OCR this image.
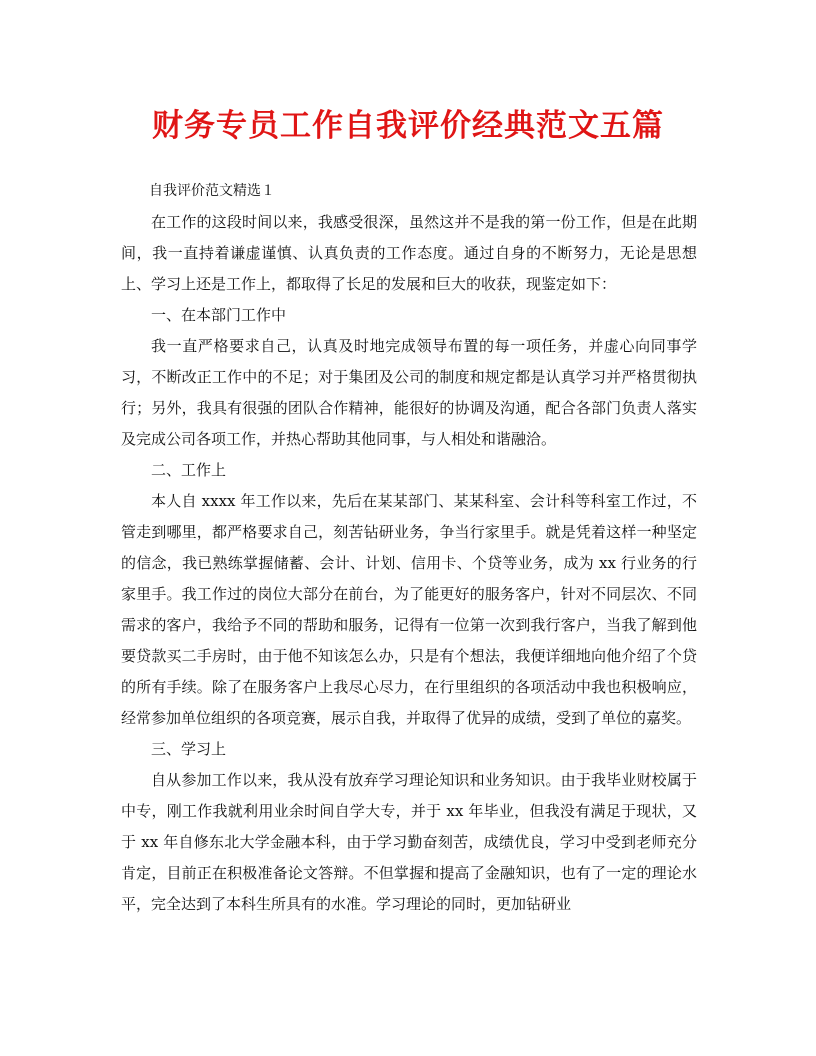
财务专员工作自我评价经典范文五篇

自我评价范文精选１

在工作的这段时间以来，我感受很深，虽然这并不是我的第一份工作，但是在此期间，我一直持着谦虚谨慎、认真负责的工作态度。通过自身的不断努力，无论是思想上、学习上还是工作上，都取得了长足的发展和巨大的收获，现鉴定如下：

一、在本部门工作中

我一直严格要求自己，认真及时地完成领导布置的每一项任务，并虚心向同事学习，不断改正工作中的不足；对于集团及公司的制度和规定都是认真学习并严格贯彻执行；另外，我具有很强的团队合作精神，能很好的协调及沟通，配合各部门负责人落实及完成公司各项工作，并热心帮助其他同事，与人相处和谐融洽。

二、工作上

本人自 xxxx 年工作以来，先后在某某部门、某某科室、会计科等科室工作过，不管走到哪里，都严格要求自己，刻苦钻研业务，争当行家里手。就是凭着这样一种坚定的信念，我已熟练掌握储蓄、会计、计划、信用卡、个贷等业务，成为 xx 行业务的行家里手。我工作过的岗位大部分在前台，为了能更好的服务客户，针对不同层次、不同需求的客户，我给予不同的帮助和服务，记得有一位第一次到我行客户，当我了解到他要贷款买二手房时，由于他不知该怎么办，只是有个想法，我便详细地向他介绍了个贷的所有手续。除了在服务客户上我尽心尽力，在行里组织的各项活动中我也积极响应，经常参加单位组织的各项竞赛，展示自我，并取得了优异的成绩，受到了单位的嘉奖。

三、学习上

自从参加工作以来，我从没有放弃学习理论知识和业务知识。由于我毕业财校属于中专，刚工作我就利用业余时间自学大专，并于 xx 年毕业，但我没有满足于现状，又于 xx 年自修东北大学金融本科，由于学习勤奋刻苦，成绩优良，学习中受到老师充分肯定，目前正在积极准备论文答辩。不但掌握和提高了金融知识，也有了一定的理论水平，完全达到了本科生所具有的水准。学习理论的同时，更加钻研业
